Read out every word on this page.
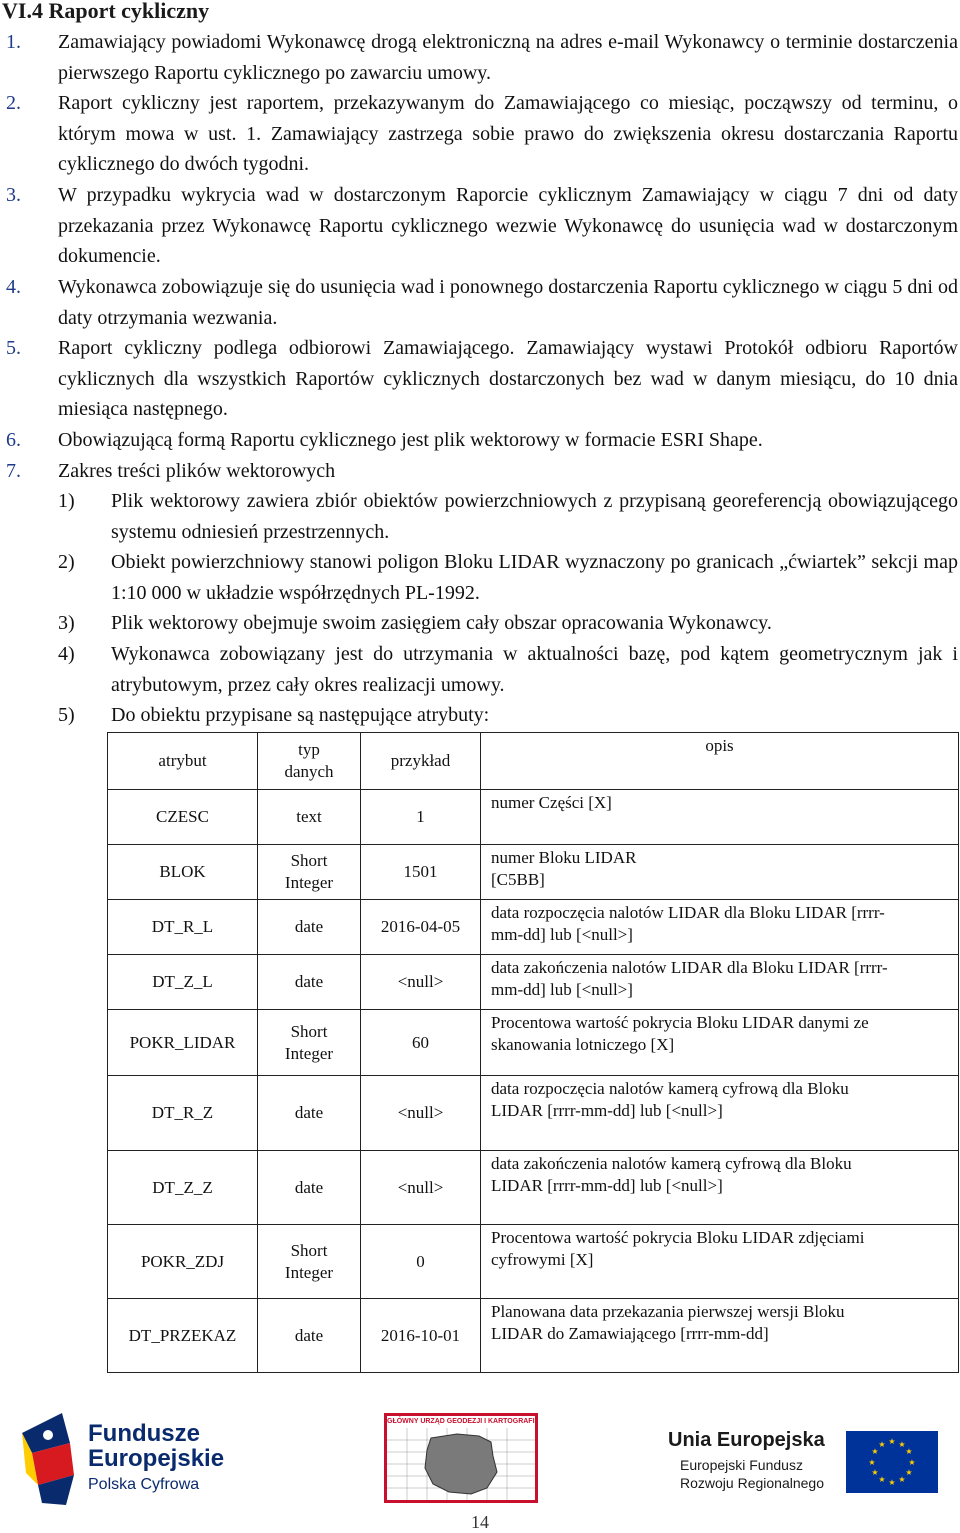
VI.4 Raport cykliczny
1. Zamawiający powiadomi Wykonawcę drogą elektroniczną na adres e-mail Wykonawcy o terminie dostarczenia pierwszego Raportu cyklicznego po zawarciu umowy.
2. Raport cykliczny jest raportem, przekazywanym do Zamawiającego co miesiąc, począwszy od terminu, o którym mowa w ust. 1. Zamawiający zastrzega sobie prawo do zwiększenia okresu dostarczania Raportu cyklicznego do dwóch tygodni.
3. W przypadku wykrycia wad w dostarczonym Raporcie cyklicznym Zamawiający w ciągu 7 dni od daty przekazania przez Wykonawcę Raportu cyklicznego wezwie Wykonawcę do usunięcia wad w dostarczonym dokumencie.
4. Wykonawca zobowiązuje się do usunięcia wad i ponownego dostarczenia Raportu cyklicznego w ciągu 5 dni od daty otrzymania wezwania.
5. Raport cykliczny podlega odbiorowi Zamawiającego. Zamawiający wystawi Protokół odbioru Raportów cyklicznych dla wszystkich Raportów cyklicznych dostarczonych bez wad w danym miesiącu, do 10 dnia miesiąca następnego.
6. Obowiązującą formą Raportu cyklicznego jest plik wektorowy w formacie ESRI Shape.
7. Zakres treści plików wektorowych
1) Plik wektorowy zawiera zbiór obiektów powierzchniowych z przypisaną georeferencją obowiązującego systemu odniesień przestrzennych.
2) Obiekt powierzchniowy stanowi poligon Bloku LIDAR wyznaczony po granicach „ćwiartek” sekcji map 1:10 000 w układzie współrzędnych PL-1992.
3) Plik wektorowy obejmuje swoim zasięgiem cały obszar opracowania Wykonawcy.
4) Wykonawca zobowiązany jest do utrzymania w aktualności bazę, pod kątem geometrycznym jak i atrybutowym, przez cały okres realizacji umowy.
5) Do obiektu przypisane są następujące atrybuty:
atrybut	typ danych	przykład	opis
CZESC	text	1	numer Części [X]
BLOK	Short Integer	1501	numer Bloku LIDAR [C5BB]
DT_R_L	date	2016-04-05	data rozpoczęcia nalotów LIDAR dla Bloku LIDAR [rrrr-mm-dd] lub [<null>]
DT_Z_L	date	<null>	data zakończenia nalotów LIDAR dla Bloku LIDAR [rrrr-mm-dd] lub [<null>]
POKR_LIDAR	Short Integer	60	Procentowa wartość pokrycia Bloku LIDAR danymi ze skanowania lotniczego [X]
DT_R_Z	date	<null>	data rozpoczęcia nalotów kamerą cyfrową dla Bloku LIDAR [rrrr-mm-dd] lub [<null>]
DT_Z_Z	date	<null>	data zakończenia nalotów kamerą cyfrową dla Bloku LIDAR [rrrr-mm-dd] lub [<null>]
POKR_ZDJ	Short Integer	0	Procentowa wartość pokrycia Bloku LIDAR zdjęciami cyfrowymi [X]
DT_PRZEKAZ	date	2016-10-01	Planowana data przekazania pierwszej wersji Bloku LIDAR do Zamawiającego [rrrr-mm-dd]
Fundusze
Europejskie
Polska Cyfrowa
GŁÓWNY URZĄD GEODEZJI I KARTOGRAFII
Unia Europejska
Europejski Fundusz
Rozwoju Regionalnego
★ ★
★
★
★
★
★
★
★
★
★
★
14
